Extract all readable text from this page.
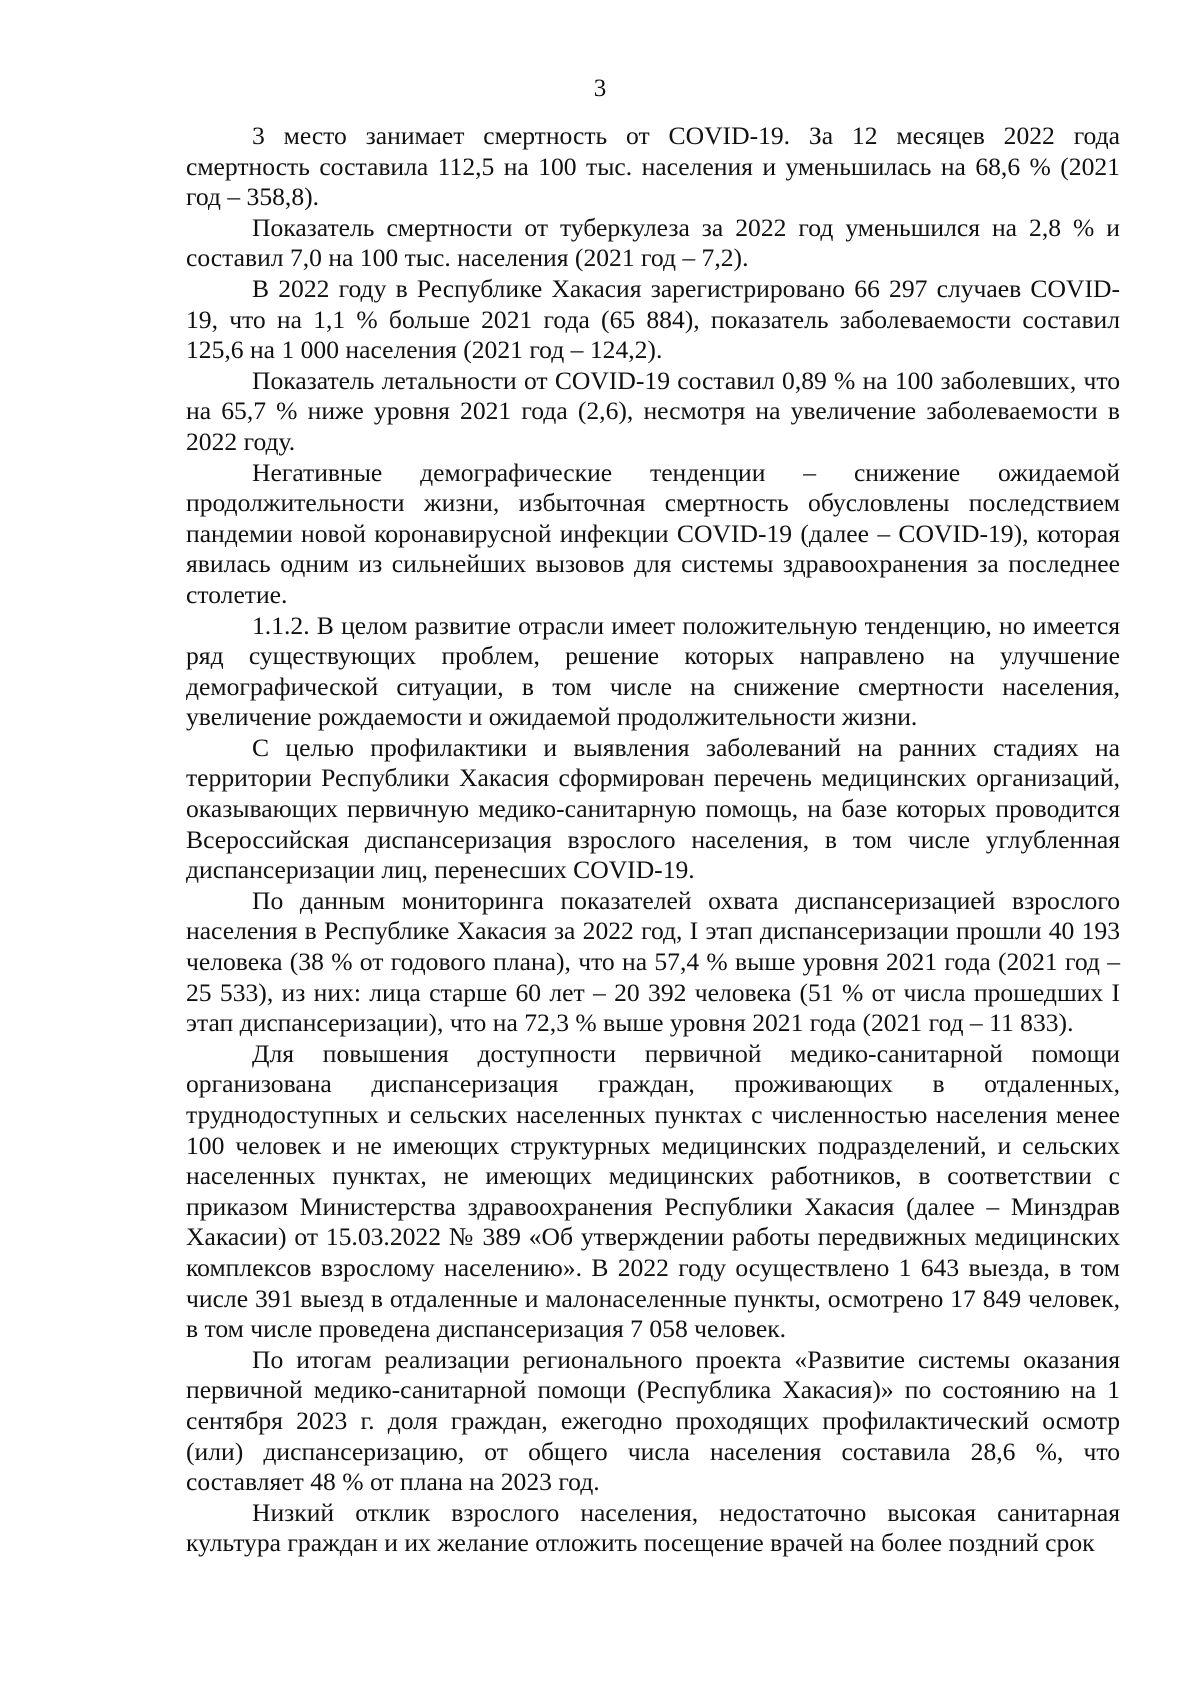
3

3 место занимает смертность от COVID-19. За 12 месяцев 2022 года смертность составила 112,5 на 100 тыс. населения и уменьшилась на 68,6 % (2021 год – 358,8).

Показатель смертности от туберкулеза за 2022 год уменьшился на 2,8 % и составил 7,0 на 100 тыс. населения (2021 год – 7,2).

В 2022 году в Республике Хакасия зарегистрировано 66 297 случаев COVID-19, что на 1,1 % больше 2021 года (65 884), показатель заболеваемости составил 125,6 на 1 000 населения (2021 год – 124,2).

Показатель летальности от COVID-19 составил 0,89 % на 100 заболевших, что на 65,7 % ниже уровня 2021 года (2,6), несмотря на увеличение заболеваемости в 2022 году.

Негативные демографические тенденции – снижение ожидаемой продолжительности жизни, избыточная смертность обусловлены последствием пандемии новой коронавирусной инфекции COVID-19 (далее – COVID-19), которая явилась одним из сильнейших вызовов для системы здравоохранения за последнее столетие.

1.1.2. В целом развитие отрасли имеет положительную тенденцию, но имеется ряд существующих проблем, решение которых направлено на улучшение демографической ситуации, в том числе на снижение смертности населения, увеличение рождаемости и ожидаемой продолжительности жизни.

С целью профилактики и выявления заболеваний на ранних стадиях на территории Республики Хакасия сформирован перечень медицинских организаций, оказывающих первичную медико-санитарную помощь, на базе которых проводится Всероссийская диспансеризация взрослого населения, в том числе углубленная диспансеризации лиц, перенесших COVID-19.

По данным мониторинга показателей охвата диспансеризацией взрослого населения в Республике Хакасия за 2022 год, I этап диспансеризации прошли 40 193 человека (38 % от годового плана), что на 57,4 % выше уровня 2021 года (2021 год – 25 533), из них: лица старше 60 лет – 20 392 человека (51 % от числа прошедших I этап диспансеризации), что на 72,3 % выше уровня 2021 года (2021 год – 11 833).

Для повышения доступности первичной медико-санитарной помощи организована диспансеризация граждан, проживающих в отдаленных, труднодоступных и сельских населенных пунктах с численностью населения менее 100 человек и не имеющих структурных медицинских подразделений, и сельских населенных пунктах, не имеющих медицинских работников, в соответствии с приказом Министерства здравоохранения Республики Хакасия (далее – Минздрав Хакасии) от 15.03.2022 № 389 «Об утверждении работы передвижных медицинских комплексов взрослому населению». В 2022 году осуществлено 1 643 выезда, в том числе 391 выезд в отдаленные и малонаселенные пункты, осмотрено 17 849 человек, в том числе проведена диспансеризация 7 058 человек.

По итогам реализации регионального проекта «Развитие системы оказания первичной медико-санитарной помощи (Республика Хакасия)» по состоянию на 1 сентября 2023 г. доля граждан, ежегодно проходящих профилактический осмотр (или) диспансеризацию, от общего числа населения составила 28,6 %, что составляет 48 % от плана на 2023 год.

Низкий отклик взрослого населения, недостаточно высокая санитарная культура граждан и их желание отложить посещение врачей на более поздний срок
